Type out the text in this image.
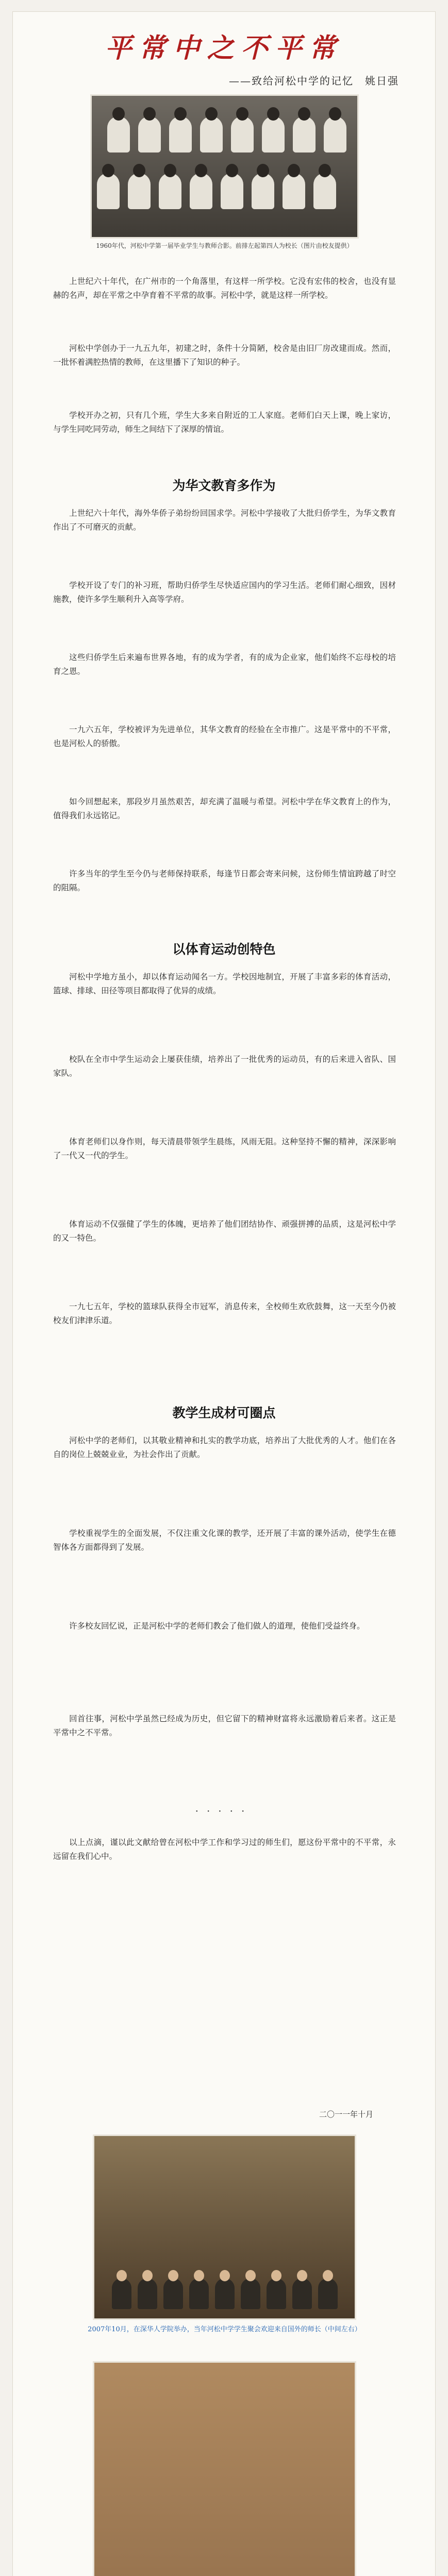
平常中之不平常
——致给河松中学的记忆　姚日强
1960年代，河松中学第一届毕业学生与教师合影。前排左起第四人为校长（图片由校友提供）

上世纪六十年代，在广州市的一个角落里，有这样一所学校。它没有宏伟的校舍，也没有显赫的名声，却在平常之中孕育着不平常的故事。河松中学，就是这样一所学校。

河松中学创办于一九五九年，初建之时，条件十分简陋，校舍是由旧厂房改建而成。然而，一批怀着满腔热情的教师，在这里播下了知识的种子。

学校开办之初，只有几个班，学生大多来自附近的工人家庭。老师们白天上课，晚上家访，与学生同吃同劳动，师生之间结下了深厚的情谊。

为华文教育多作为

上世纪六十年代，海外华侨子弟纷纷回国求学。河松中学接收了大批归侨学生，为华文教育作出了不可磨灭的贡献。

学校开设了专门的补习班，帮助归侨学生尽快适应国内的学习生活。老师们耐心细致，因材施教，使许多学生顺利升入高等学府。

这些归侨学生后来遍布世界各地，有的成为学者，有的成为企业家，他们始终不忘母校的培育之恩。

一九六五年，学校被评为先进单位，其华文教育的经验在全市推广。这是平常中的不平常，也是河松人的骄傲。

如今回想起来，那段岁月虽然艰苦，却充满了温暖与希望。河松中学在华文教育上的作为，值得我们永远铭记。

许多当年的学生至今仍与老师保持联系，每逢节日都会寄来问候，这份师生情谊跨越了时空的阻隔。

以体育运动创特色

河松中学地方虽小，却以体育运动闻名一方。学校因地制宜，开展了丰富多彩的体育活动，篮球、排球、田径等项目都取得了优异的成绩。

校队在全市中学生运动会上屡获佳绩，培养出了一批优秀的运动员，有的后来进入省队、国家队。

体育老师们以身作则，每天清晨带领学生晨练，风雨无阻。这种坚持不懈的精神，深深影响了一代又一代的学生。

体育运动不仅强健了学生的体魄，更培养了他们团结协作、顽强拼搏的品质，这是河松中学的又一特色。

一九七五年，学校的篮球队获得全市冠军，消息传来，全校师生欢欣鼓舞，这一天至今仍被校友们津津乐道。

教学生成材可圈点

河松中学的老师们，以其敬业精神和扎实的教学功底，培养出了大批优秀的人才。他们在各自的岗位上兢兢业业，为社会作出了贡献。

学校重视学生的全面发展，不仅注重文化课的教学，还开展了丰富的课外活动，使学生在德智体各方面都得到了发展。

许多校友回忆说，正是河松中学的老师们教会了他们做人的道理，使他们受益终身。

回首往事，河松中学虽然已经成为历史，但它留下的精神财富将永远激励着后来者。这正是平常中之不平常。

·····

以上点滴，谨以此文献给曾在河松中学工作和学习过的师生们，愿这份平常中的不平常，永远留在我们心中。

二〇一一年十月
2007年10月，在深华人学院举办，当年河松中学学生聚会欢迎来自国外的师长（中间左右）
